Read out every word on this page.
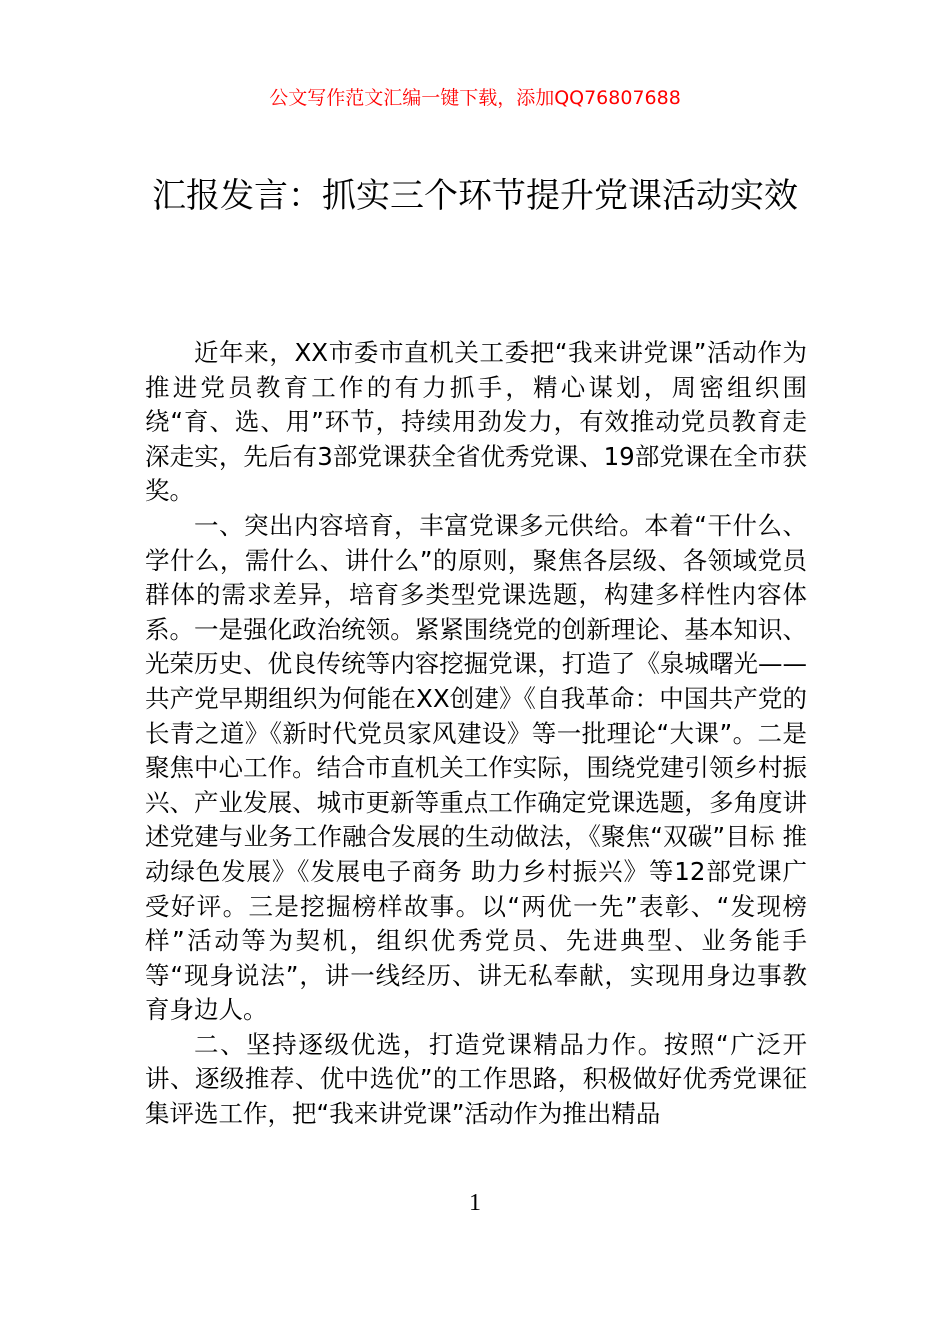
公文写作范文汇编一键下载，添加QQ76807688
汇报发言：抓实三个环节提升党课活动实效

近年来，XX市委市直机关工委把“我来讲党课”活动作为推进党员教育工作的有力抓手，精心谋划，周密组织围绕“育、选、用”环节，持续用劲发力，有效推动党员教育走深走实，先后有3部党课获全省优秀党课、19部党课在全市获奖。

一、突出内容培育，丰富党课多元供给。本着“干什么、学什么，需什么、讲什么”的原则，聚焦各层级、各领域党员群体的需求差异，培育多类型党课选题，构建多样性内容体系。一是强化政治统领。紧紧围绕党的创新理论、基本知识、光荣历史、优良传统等内容挖掘党课，打造了《泉城曙光——共产党早期组织为何能在XX创建》《自我革命：中国共产党的长青之道》《新时代党员家风建设》等一批理论“大课”。二是聚焦中心工作。结合市直机关工作实际，围绕党建引领乡村振兴、产业发展、城市更新等重点工作确定党课选题，多角度讲述党建与业务工作融合发展的生动做法，《聚焦“双碳”目标 推动绿色发展》《发展电子商务 助力乡村振兴》等12部党课广受好评。三是挖掘榜样故事。以“两优一先”表彰、“发现榜样”活动等为契机，组织优秀党员、先进典型、业务能手等“现身说法”，讲一线经历、讲无私奉献，实现用身边事教育身边人。

二、坚持逐级优选，打造党课精品力作。按照“广泛开讲、逐级推荐、优中选优”的工作思路，积极做好优秀党课征集评选工作，把“我来讲党课”活动作为推出精品

1
